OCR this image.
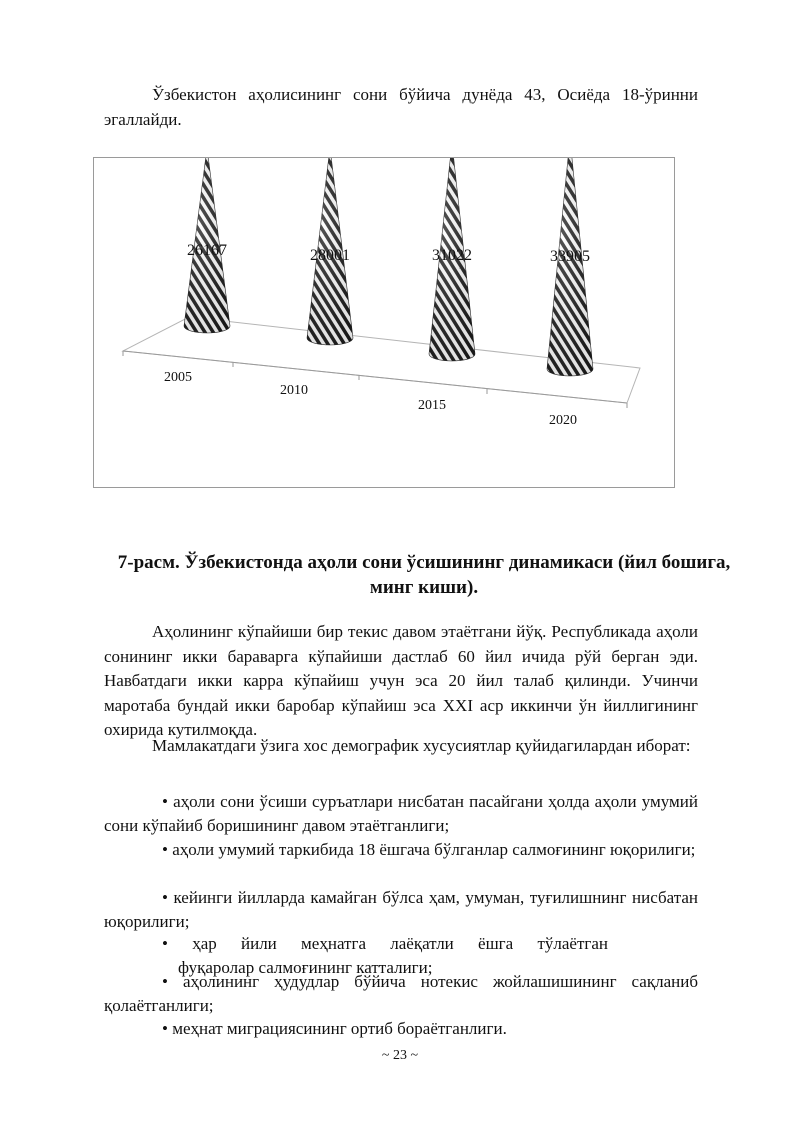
Ўзбекистон аҳолисининг сони бўйича дунёда 43, Осиёда 18-ўринни эгаллайди.

26167
2005
28001
2010
31022
2015
33905
2020

7-расм. Ўзбекистонда аҳоли сони ўсишининг динамикаси (йил бошига, минг киши).

Аҳолининг кўпайиши бир текис давом этаётгани йўқ. Республикада аҳоли сонининг икки бараварга кўпайиши дастлаб 60 йил ичида рўй берган эди. Навбатдаги икки карра кўпайиш учун эса 20 йил талаб қилинди. Учинчи маротаба бундай икки баробар кўпайиш эса XXI аср иккинчи ўн йиллигининг охирида кутилмоқда.

Мамлакатдаги ўзига хос демографик хусусиятлар қуйидагилардан иборат:

• аҳоли сони ўсиши суръатлари нисбатан пасайгани ҳолда аҳоли умумий сони кўпайиб боришининг давом этаётганлиги;

• аҳоли умумий таркибида 18 ёшгача бўлганлар салмоғининг юқорилиги;

• кейинги йилларда камайган бўлса ҳам, умуман, туғилишнинг нисбатан юқорилиги;

• ҳар йили меҳнатга лаёқатли ёшга тўлаётган
фуқаролар салмоғининг катталиги;

• аҳолининг ҳудудлар бўйича нотекис жойлашишининг сақланиб қолаётганлиги;

• меҳнат миграциясининг ортиб бораётганлиги.

~ 23 ~
